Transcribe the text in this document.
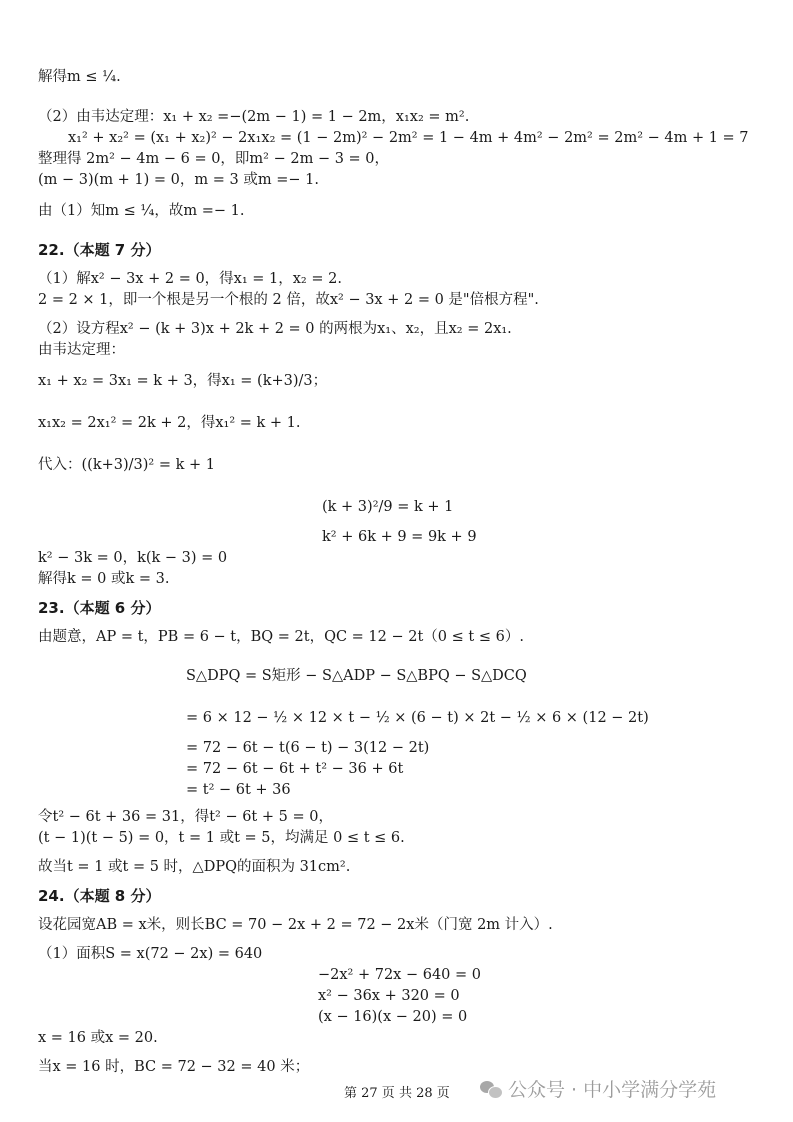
22.（本题 7 分）
23.（本题 6 分）
24.（本题 8 分）
解得m ≤ ¼.
（2）由韦达定理：x₁ + x₂ =−(2m − 1) = 1 − 2m，x₁x₂ = m².
x₁² + x₂² = (x₁ + x₂)² − 2x₁x₂ = (1 − 2m)² − 2m² = 1 − 4m + 4m² − 2m² = 2m² − 4m + 1 = 7
整理得 2m² − 4m − 6 = 0，即m² − 2m − 3 = 0，
(m − 3)(m + 1) = 0，m = 3 或m =− 1.
由（1）知m ≤ ¼，故m =− 1.
（1）解x² − 3x + 2 = 0，得x₁ = 1，x₂ = 2.
2 = 2 × 1，即一个根是另一个根的 2 倍，故x² − 3x + 2 = 0 是"倍根方程".
（2）设方程x² − (k + 3)x + 2k + 2 = 0 的两根为x₁、x₂，且x₂ = 2x₁.
由韦达定理：
x₁ + x₂ = 3x₁ = k + 3，得x₁ = (k+3)/3；
x₁x₂ = 2x₁² = 2k + 2，得x₁² = k + 1.
代入：((k+3)/3)² = k + 1
(k + 3)²/9 = k + 1
k² + 6k + 9 = 9k + 9
k² − 3k = 0，k(k − 3) = 0
解得k = 0 或k = 3.
由题意，AP = t，PB = 6 − t，BQ = 2t，QC = 12 − 2t（0 ≤ t ≤ 6）.
S△DPQ = S矩形 − S△ADP − S△BPQ − S△DCQ
= 6 × 12 − ½ × 12 × t − ½ × (6 − t) × 2t − ½ × 6 × (12 − 2t)
= 72 − 6t − t(6 − t) − 3(12 − 2t)
= 72 − 6t − 6t + t² − 36 + 6t
= t² − 6t + 36
令t² − 6t + 36 = 31，得t² − 6t + 5 = 0，
(t − 1)(t − 5) = 0，t = 1 或t = 5，均满足 0 ≤ t ≤ 6.
故当t = 1 或t = 5 时，△DPQ的面积为 31cm².
设花园宽AB = x米，则长BC = 70 − 2x + 2 = 72 − 2x米（门宽 2m 计入）.
（1）面积S = x(72 − 2x) = 640
−2x² + 72x − 640 = 0
x² − 36x + 320 = 0
(x − 16)(x − 20) = 0
x = 16 或x = 20.
当x = 16 时，BC = 72 − 32 = 40 米；
第 27 页 共 28 页	公众号 · 中小学满分学苑
